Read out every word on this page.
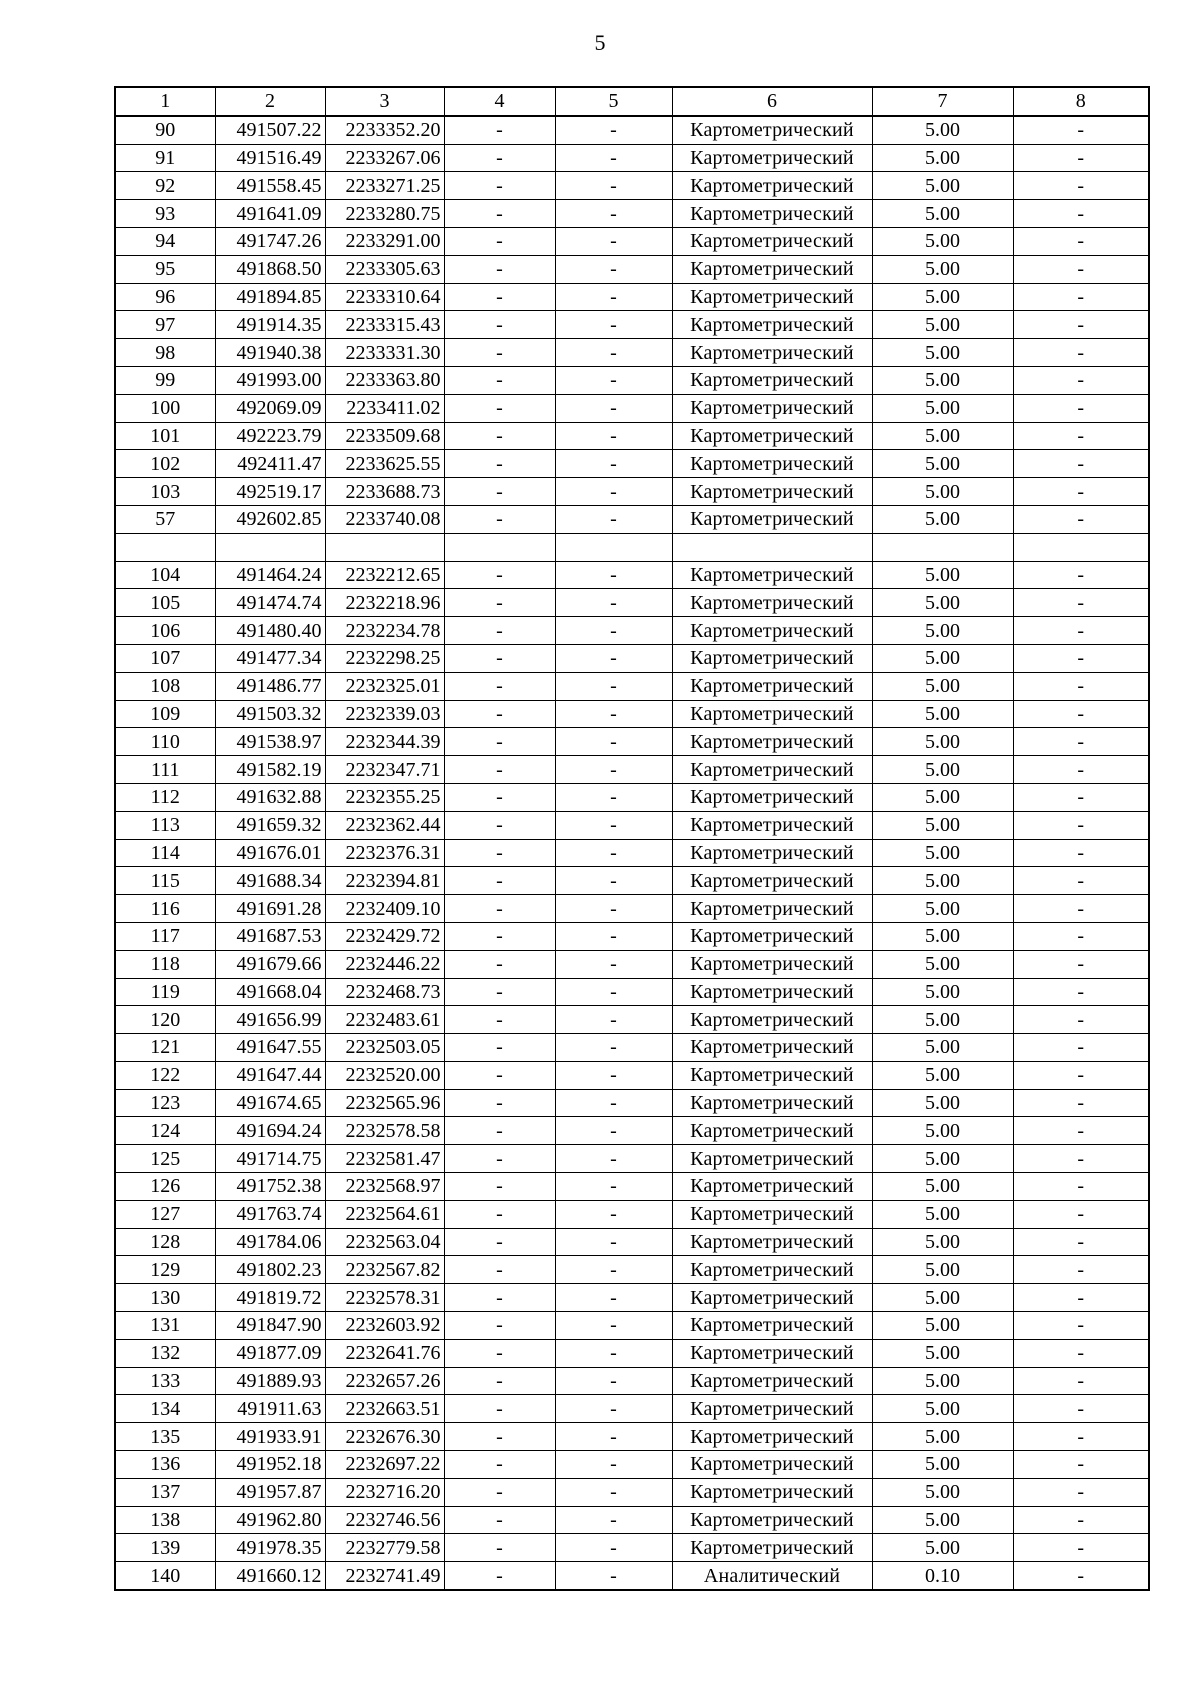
5
1	2	3	4	5	6	7	8
90	491507.22	2233352.20	-	-	Картометрический	5.00	-
91	491516.49	2233267.06	-	-	Картометрический	5.00	-
92	491558.45	2233271.25	-	-	Картометрический	5.00	-
93	491641.09	2233280.75	-	-	Картометрический	5.00	-
94	491747.26	2233291.00	-	-	Картометрический	5.00	-
95	491868.50	2233305.63	-	-	Картометрический	5.00	-
96	491894.85	2233310.64	-	-	Картометрический	5.00	-
97	491914.35	2233315.43	-	-	Картометрический	5.00	-
98	491940.38	2233331.30	-	-	Картометрический	5.00	-
99	491993.00	2233363.80	-	-	Картометрический	5.00	-
100	492069.09	2233411.02	-	-	Картометрический	5.00	-
101	492223.79	2233509.68	-	-	Картометрический	5.00	-
102	492411.47	2233625.55	-	-	Картометрический	5.00	-
103	492519.17	2233688.73	-	-	Картометрический	5.00	-
57	492602.85	2233740.08	-	-	Картометрический	5.00	-

104	491464.24	2232212.65	-	-	Картометрический	5.00	-
105	491474.74	2232218.96	-	-	Картометрический	5.00	-
106	491480.40	2232234.78	-	-	Картометрический	5.00	-
107	491477.34	2232298.25	-	-	Картометрический	5.00	-
108	491486.77	2232325.01	-	-	Картометрический	5.00	-
109	491503.32	2232339.03	-	-	Картометрический	5.00	-
110	491538.97	2232344.39	-	-	Картометрический	5.00	-
111	491582.19	2232347.71	-	-	Картометрический	5.00	-
112	491632.88	2232355.25	-	-	Картометрический	5.00	-
113	491659.32	2232362.44	-	-	Картометрический	5.00	-
114	491676.01	2232376.31	-	-	Картометрический	5.00	-
115	491688.34	2232394.81	-	-	Картометрический	5.00	-
116	491691.28	2232409.10	-	-	Картометрический	5.00	-
117	491687.53	2232429.72	-	-	Картометрический	5.00	-
118	491679.66	2232446.22	-	-	Картометрический	5.00	-
119	491668.04	2232468.73	-	-	Картометрический	5.00	-
120	491656.99	2232483.61	-	-	Картометрический	5.00	-
121	491647.55	2232503.05	-	-	Картометрический	5.00	-
122	491647.44	2232520.00	-	-	Картометрический	5.00	-
123	491674.65	2232565.96	-	-	Картометрический	5.00	-
124	491694.24	2232578.58	-	-	Картометрический	5.00	-
125	491714.75	2232581.47	-	-	Картометрический	5.00	-
126	491752.38	2232568.97	-	-	Картометрический	5.00	-
127	491763.74	2232564.61	-	-	Картометрический	5.00	-
128	491784.06	2232563.04	-	-	Картометрический	5.00	-
129	491802.23	2232567.82	-	-	Картометрический	5.00	-
130	491819.72	2232578.31	-	-	Картометрический	5.00	-
131	491847.90	2232603.92	-	-	Картометрический	5.00	-
132	491877.09	2232641.76	-	-	Картометрический	5.00	-
133	491889.93	2232657.26	-	-	Картометрический	5.00	-
134	491911.63	2232663.51	-	-	Картометрический	5.00	-
135	491933.91	2232676.30	-	-	Картометрический	5.00	-
136	491952.18	2232697.22	-	-	Картометрический	5.00	-
137	491957.87	2232716.20	-	-	Картометрический	5.00	-
138	491962.80	2232746.56	-	-	Картометрический	5.00	-
139	491978.35	2232779.58	-	-	Картометрический	5.00	-
140	491660.12	2232741.49	-	-	Аналитический	0.10	-
